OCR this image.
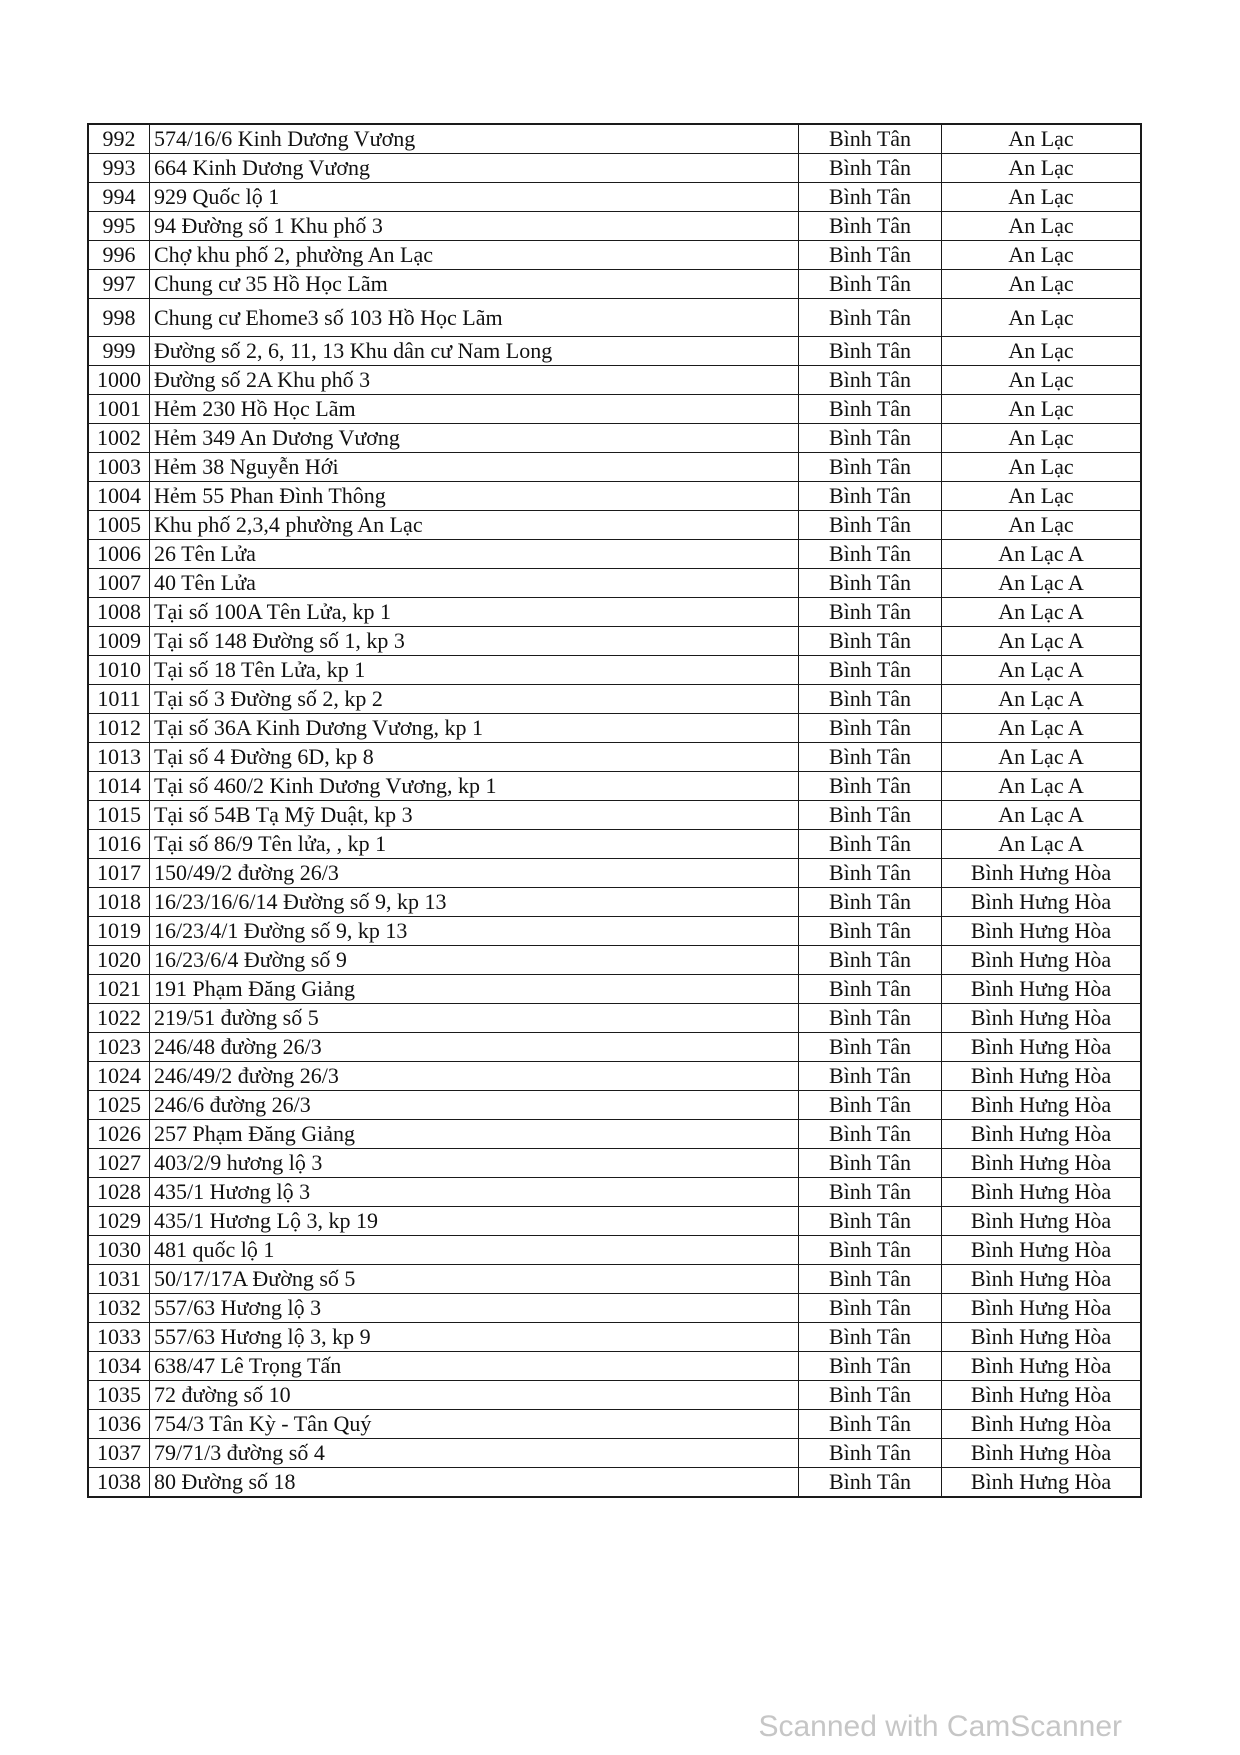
992	574/16/6 Kinh Dương Vương	Bình Tân	An Lạc
993	664 Kinh Dương Vương	Bình Tân	An Lạc
994	929 Quốc lộ 1	Bình Tân	An Lạc
995	94 Đường số 1 Khu phố 3	Bình Tân	An Lạc
996	Chợ khu phố 2, phường An Lạc	Bình Tân	An Lạc
997	Chung cư 35 Hồ Học Lãm	Bình Tân	An Lạc
998	Chung cư Ehome3 số 103 Hồ Học Lãm	Bình Tân	An Lạc
999	Đường số 2, 6, 11, 13 Khu dân cư Nam Long	Bình Tân	An Lạc
1000	Đường số 2A Khu phố 3	Bình Tân	An Lạc
1001	Hẻm 230 Hồ Học Lãm	Bình Tân	An Lạc
1002	Hẻm 349 An Dương Vương	Bình Tân	An Lạc
1003	Hẻm 38 Nguyễn Hới	Bình Tân	An Lạc
1004	Hẻm 55 Phan Đình Thông	Bình Tân	An Lạc
1005	Khu phố 2,3,4 phường An Lạc	Bình Tân	An Lạc
1006	26 Tên Lửa	Bình Tân	An Lạc A
1007	40 Tên Lửa	Bình Tân	An Lạc A
1008	Tại số 100A Tên Lửa, kp 1	Bình Tân	An Lạc A
1009	Tại số 148 Đường số 1, kp 3	Bình Tân	An Lạc A
1010	Tại số 18 Tên Lửa, kp 1	Bình Tân	An Lạc A
1011	Tại số 3 Đường số 2, kp 2	Bình Tân	An Lạc A
1012	Tại số 36A Kinh Dương Vương, kp 1	Bình Tân	An Lạc A
1013	Tại số 4 Đường 6D, kp 8	Bình Tân	An Lạc A
1014	Tại số 460/2 Kinh Dương Vương, kp 1	Bình Tân	An Lạc A
1015	Tại số 54B Tạ Mỹ Duật, kp 3	Bình Tân	An Lạc A
1016	Tại số 86/9 Tên lửa, , kp 1	Bình Tân	An Lạc A
1017	150/49/2 đường 26/3	Bình Tân	Bình Hưng Hòa
1018	16/23/16/6/14 Đường số 9, kp 13	Bình Tân	Bình Hưng Hòa
1019	16/23/4/1 Đường số 9, kp 13	Bình Tân	Bình Hưng Hòa
1020	16/23/6/4 Đường số 9	Bình Tân	Bình Hưng Hòa
1021	191 Phạm Đăng Giảng	Bình Tân	Bình Hưng Hòa
1022	219/51 đường số 5	Bình Tân	Bình Hưng Hòa
1023	246/48 đường 26/3	Bình Tân	Bình Hưng Hòa
1024	246/49/2 đường 26/3	Bình Tân	Bình Hưng Hòa
1025	246/6 đường 26/3	Bình Tân	Bình Hưng Hòa
1026	257 Phạm Đăng Giảng	Bình Tân	Bình Hưng Hòa
1027	403/2/9 hương lộ 3	Bình Tân	Bình Hưng Hòa
1028	435/1 Hương lộ 3	Bình Tân	Bình Hưng Hòa
1029	435/1 Hương Lộ 3, kp 19	Bình Tân	Bình Hưng Hòa
1030	481 quốc lộ 1	Bình Tân	Bình Hưng Hòa
1031	50/17/17A Đường số 5	Bình Tân	Bình Hưng Hòa
1032	557/63 Hương lộ 3	Bình Tân	Bình Hưng Hòa
1033	557/63 Hương lộ 3, kp 9	Bình Tân	Bình Hưng Hòa
1034	638/47 Lê Trọng Tấn	Bình Tân	Bình Hưng Hòa
1035	72 đường số 10	Bình Tân	Bình Hưng Hòa
1036	754/3 Tân Kỳ - Tân Quý	Bình Tân	Bình Hưng Hòa
1037	79/71/3 đường số 4	Bình Tân	Bình Hưng Hòa
1038	80 Đường số 18	Bình Tân	Bình Hưng Hòa
Scanned with CamScanner
